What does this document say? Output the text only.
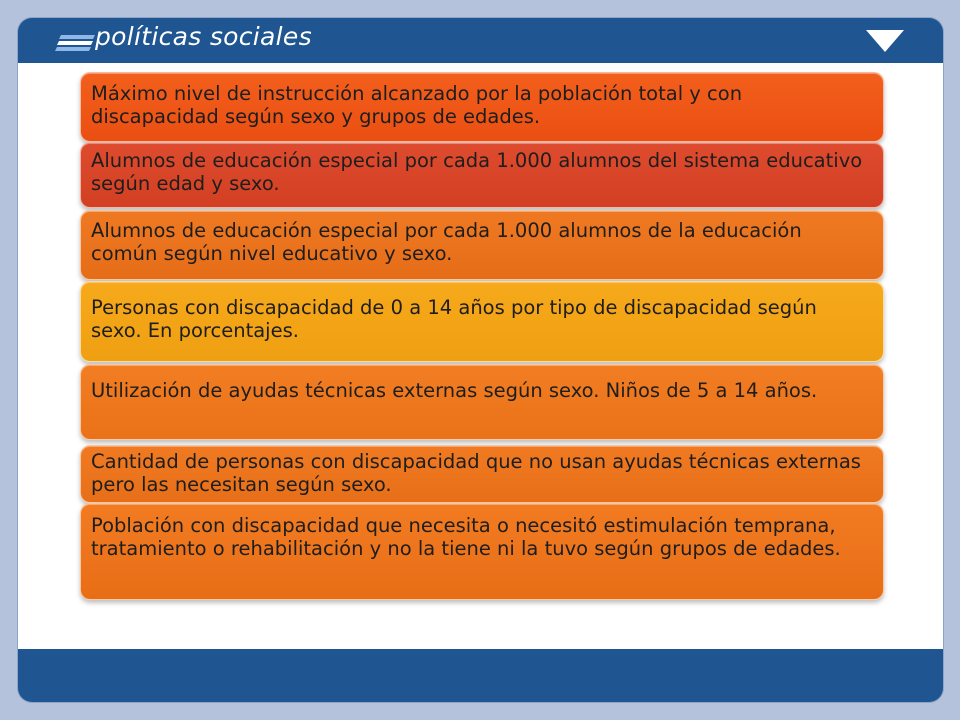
políticas sociales
Máximo nivel de instrucción alcanzado por la población total y con discapacidad según sexo y grupos de edades.
Alumnos de educación especial por cada 1.000 alumnos del sistema educativo según edad y sexo.
Alumnos de educación especial por cada 1.000 alumnos de la educación común según nivel educativo y sexo.
Personas con discapacidad de 0 a 14 años por tipo de discapacidad según sexo. En porcentajes.
Utilización de ayudas técnicas externas según sexo. Niños de 5 a 14 años.
Cantidad de personas con discapacidad que no usan ayudas técnicas externas pero las necesitan según sexo.
Población con discapacidad que necesita o necesitó estimulación temprana, tratamiento o rehabilitación y no la tiene ni la tuvo según grupos de edades.
